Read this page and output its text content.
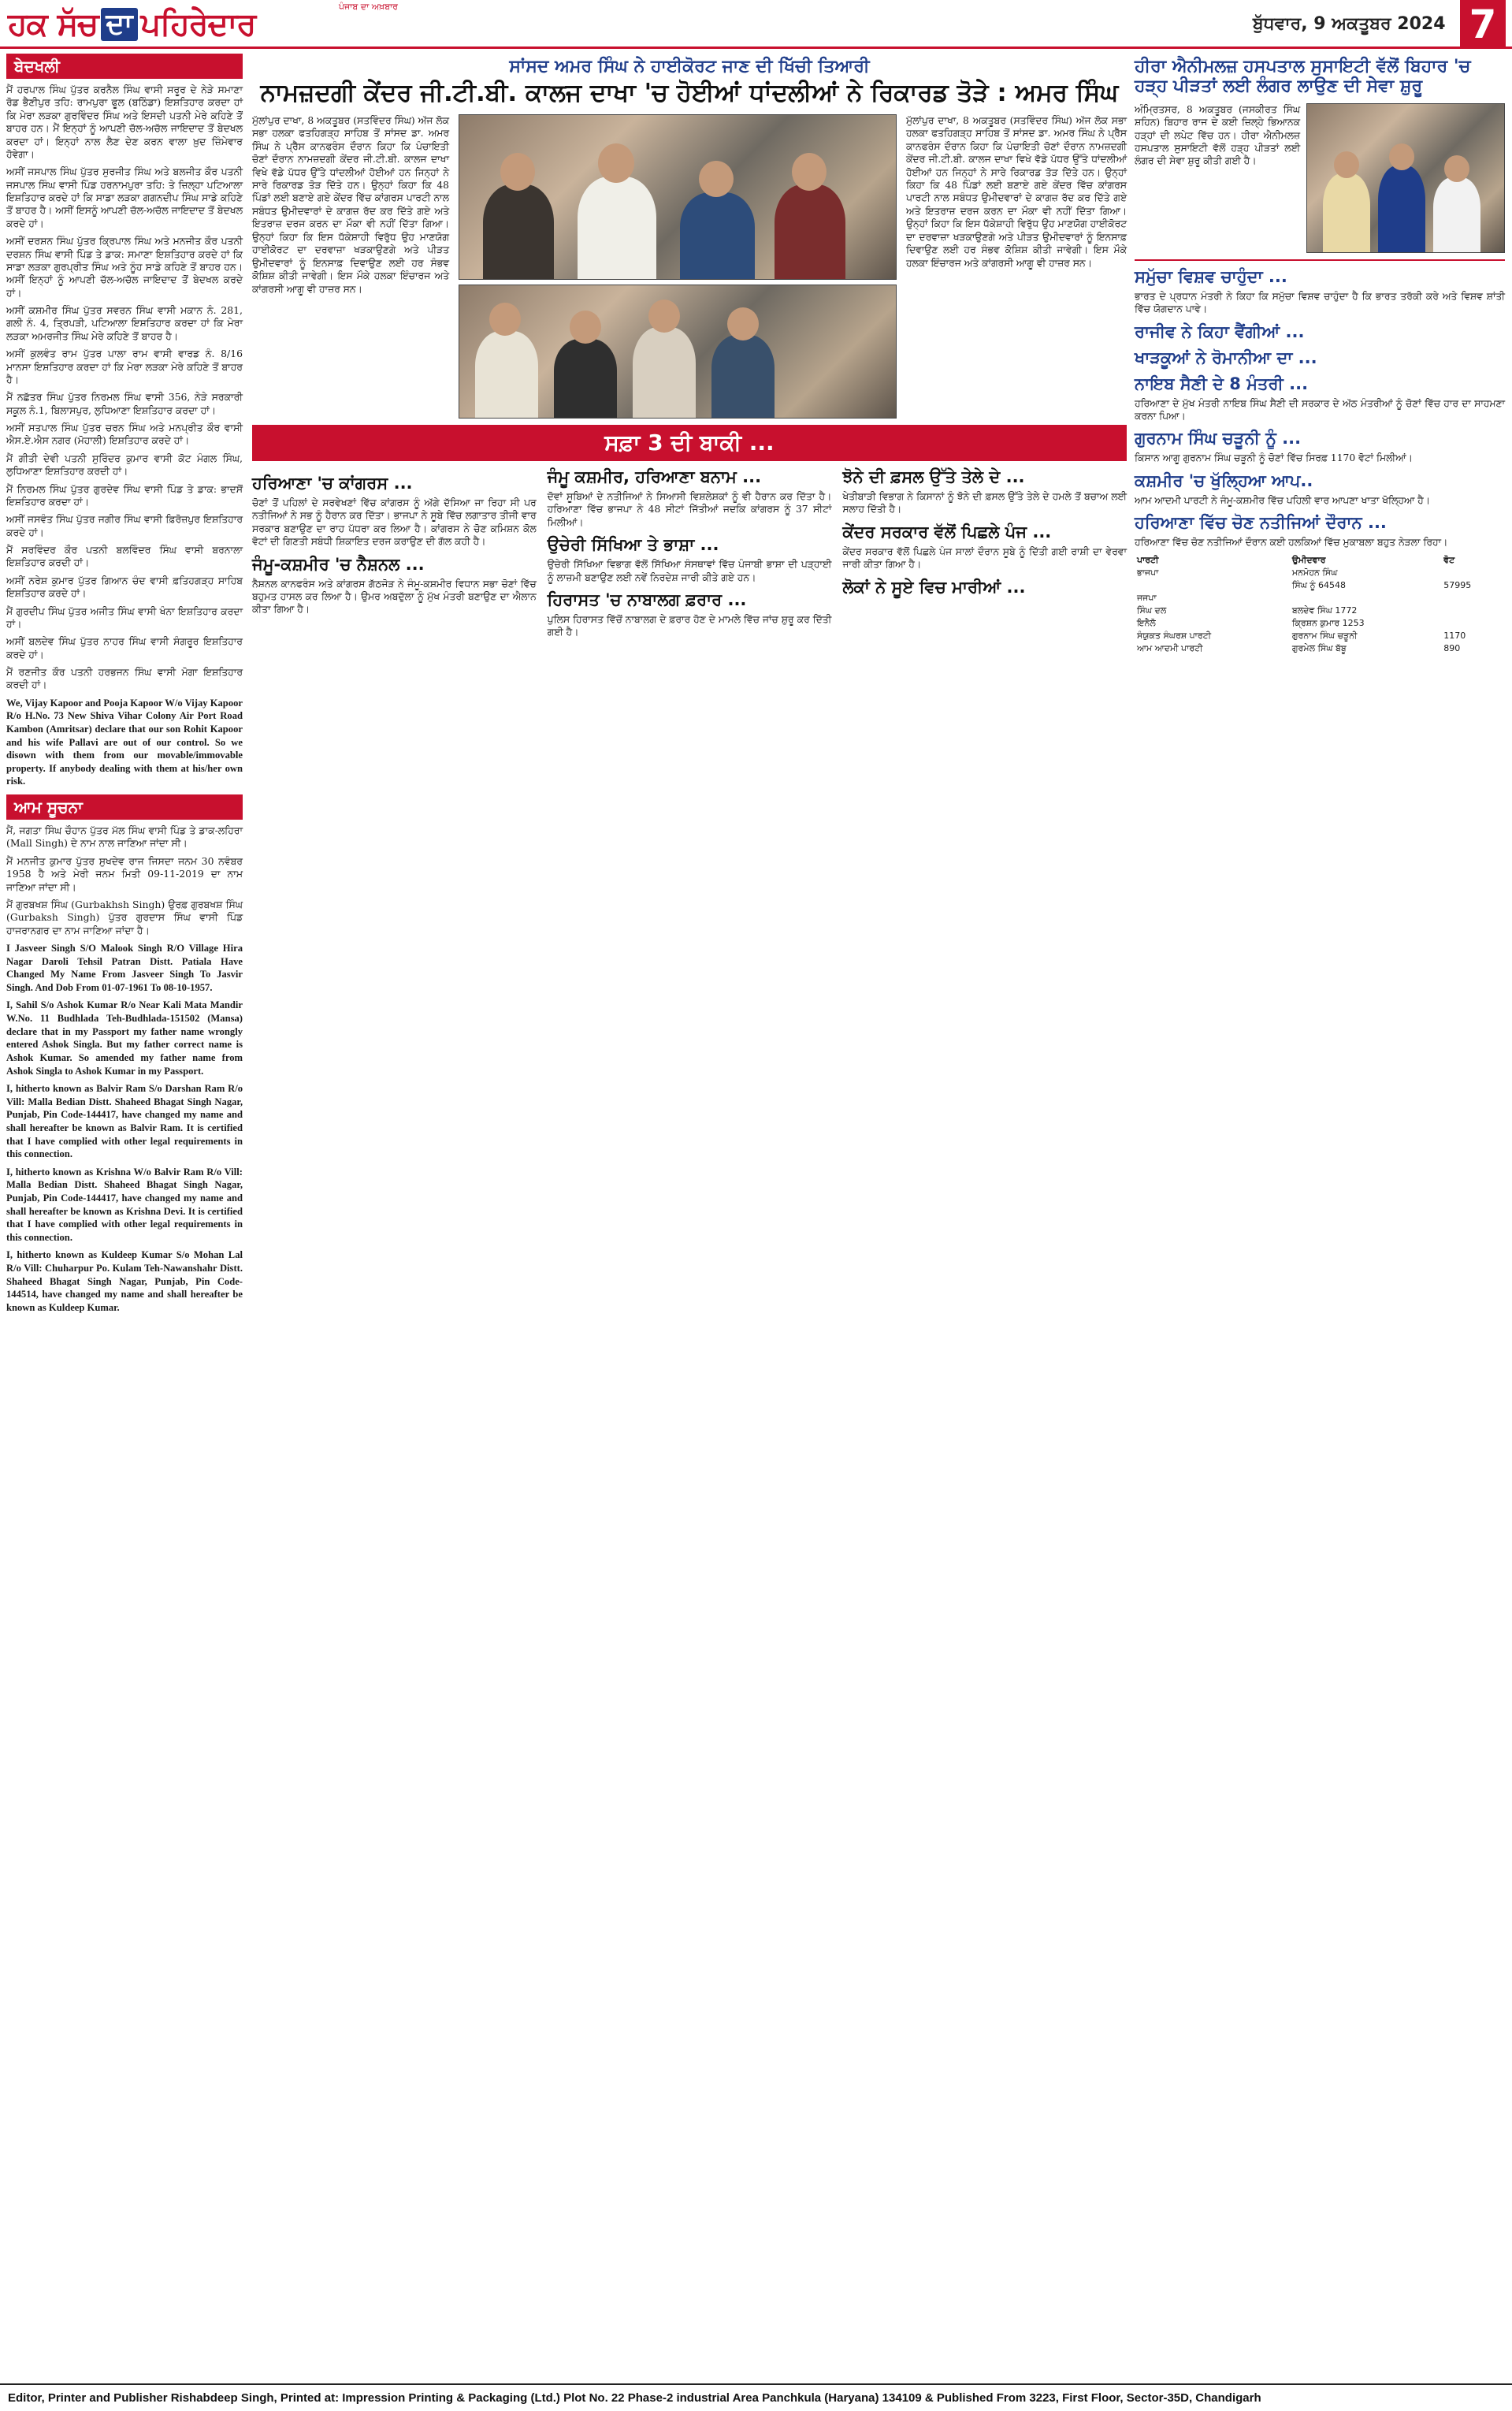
ਹਕ ਸੱਚ ਦਾ ਪਹਿਰੇਦਾਰ	ਪੰਜਾਬ ਦਾ ਅਖ਼ਬਾਰ
ਬੁੱਧਵਾਰ, 9 ਅਕਤੂਬਰ 2024 7
ਬੇਦਖਲੀ
ਮੈਂ ਹਰਪਾਲ ਸਿੰਘ ਪੁੱਤਰ ਕਰਨੈਲ ਸਿੰਘ ਵਾਸੀ ਸਰੂਰ ਦੇ ਨੇੜੇ ਸਮਾਣਾ ਰੋਡ ਭੈਣੀਪੁਰ ਤਹਿ: ਰਾਮਪੁਰਾ ਫੂਲ (ਬਠਿੰਡਾ) ਇਸ਼ਤਿਹਾਰ ਕਰਦਾ ਹਾਂ ਕਿ ਮੇਰਾ ਲੜਕਾ ਗੁਰਵਿੰਦਰ ਸਿੰਘ ਅਤੇ ਇਸਦੀ ਪਤਨੀ ਮੇਰੇ ਕਹਿਣੇ ਤੋਂ ਬਾਹਰ ਹਨ। ਮੈਂ ਇਨ੍ਹਾਂ ਨੂੰ ਆਪਣੀ ਚੱਲ-ਅਚੱਲ ਜਾਇਦਾਦ ਤੋਂ ਬੇਦਖਲ ਕਰਦਾ ਹਾਂ। ਇਨ੍ਹਾਂ ਨਾਲ ਲੈਣ ਦੇਣ ਕਰਨ ਵਾਲਾ ਖ਼ੁਦ ਜ਼ਿੰਮੇਵਾਰ ਹੋਵੇਗਾ।
ਅਸੀਂ ਜਸਪਾਲ ਸਿੰਘ ਪੁੱਤਰ ਸੁਰਜੀਤ ਸਿੰਘ ਅਤੇ ਬਲਜੀਤ ਕੌਰ ਪਤਨੀ ਜਸਪਾਲ ਸਿੰਘ ਵਾਸੀ ਪਿੰਡ ਹਰਨਾਮਪੁਰਾ ਤਹਿ: ਤੇ ਜ਼ਿਲ੍ਹਾ ਪਟਿਆਲਾ ਇਸ਼ਤਿਹਾਰ ਕਰਦੇ ਹਾਂ ਕਿ ਸਾਡਾ ਲੜਕਾ ਗਗਨਦੀਪ ਸਿੰਘ ਸਾਡੇ ਕਹਿਣੇ ਤੋਂ ਬਾਹਰ ਹੈ। ਅਸੀਂ ਇਸਨੂੰ ਆਪਣੀ ਚੱਲ-ਅਚੱਲ ਜਾਇਦਾਦ ਤੋਂ ਬੇਦਖਲ ਕਰਦੇ ਹਾਂ।
ਅਸੀਂ ਦਰਸ਼ਨ ਸਿੰਘ ਪੁੱਤਰ ਕ੍ਰਿਪਾਲ ਸਿੰਘ ਅਤੇ ਮਨਜੀਤ ਕੌਰ ਪਤਨੀ ਦਰਸ਼ਨ ਸਿੰਘ ਵਾਸੀ ਪਿੰਡ ਤੇ ਡਾਕ: ਸਮਾਣਾ ਇਸ਼ਤਿਹਾਰ ਕਰਦੇ ਹਾਂ ਕਿ ਸਾਡਾ ਲੜਕਾ ਗੁਰਪ੍ਰੀਤ ਸਿੰਘ ਅਤੇ ਨੂੰਹ ਸਾਡੇ ਕਹਿਣੇ ਤੋਂ ਬਾਹਰ ਹਨ। ਅਸੀਂ ਇਨ੍ਹਾਂ ਨੂੰ ਆਪਣੀ ਚੱਲ-ਅਚੱਲ ਜਾਇਦਾਦ ਤੋਂ ਬੇਦਖਲ ਕਰਦੇ ਹਾਂ।
ਅਸੀਂ ਕਸ਼ਮੀਰ ਸਿੰਘ ਪੁੱਤਰ ਸਵਰਨ ਸਿੰਘ ਵਾਸੀ ਮਕਾਨ ਨੰ. 281, ਗਲੀ ਨੰ. 4, ਤ੍ਰਿਪੜੀ, ਪਟਿਆਲਾ ਇਸ਼ਤਿਹਾਰ ਕਰਦਾ ਹਾਂ ਕਿ ਮੇਰਾ ਲੜਕਾ ਅਮਰਜੀਤ ਸਿੰਘ ਮੇਰੇ ਕਹਿਣੇ ਤੋਂ ਬਾਹਰ ਹੈ।
ਅਸੀਂ ਕੁਲਵੰਤ ਰਾਮ ਪੁੱਤਰ ਪਾਲਾ ਰਾਮ ਵਾਸੀ ਵਾਰਡ ਨੰ. 8/16 ਮਾਨਸਾ ਇਸ਼ਤਿਹਾਰ ਕਰਦਾ ਹਾਂ ਕਿ ਮੇਰਾ ਲੜਕਾ ਮੇਰੇ ਕਹਿਣੇ ਤੋਂ ਬਾਹਰ ਹੈ।
ਮੈਂ ਨਛੱਤਰ ਸਿੰਘ ਪੁੱਤਰ ਨਿਰਮਲ ਸਿੰਘ ਵਾਸੀ 356, ਨੇੜੇ ਸਰਕਾਰੀ ਸਕੂਲ ਨੰ.1, ਬਿਲਾਸਪੁਰ, ਲੁਧਿਆਣਾ ਇਸ਼ਤਿਹਾਰ ਕਰਦਾ ਹਾਂ।
ਅਸੀਂ ਸਤਪਾਲ ਸਿੰਘ ਪੁੱਤਰ ਚਰਨ ਸਿੰਘ ਅਤੇ ਮਨਪ੍ਰੀਤ ਕੌਰ ਵਾਸੀ ਐਸ.ਏ.ਐਸ ਨਗਰ (ਮੋਹਾਲੀ) ਇਸ਼ਤਿਹਾਰ ਕਰਦੇ ਹਾਂ।
ਮੈਂ ਗੀਤੀ ਦੇਵੀ ਪਤਨੀ ਸੁਰਿੰਦਰ ਕੁਮਾਰ ਵਾਸੀ ਕੋਟ ਮੰਗਲ ਸਿੰਘ, ਲੁਧਿਆਣਾ ਇਸ਼ਤਿਹਾਰ ਕਰਦੀ ਹਾਂ।
ਮੈਂ ਨਿਰਮਲ ਸਿੰਘ ਪੁੱਤਰ ਗੁਰਦੇਵ ਸਿੰਘ ਵਾਸੀ ਪਿੰਡ ਤੇ ਡਾਕ: ਭਾਦਸੋਂ ਇਸ਼ਤਿਹਾਰ ਕਰਦਾ ਹਾਂ।
ਅਸੀਂ ਜਸਵੰਤ ਸਿੰਘ ਪੁੱਤਰ ਜਗੀਰ ਸਿੰਘ ਵਾਸੀ ਫ਼ਿਰੋਜ਼ਪੁਰ ਇਸ਼ਤਿਹਾਰ ਕਰਦੇ ਹਾਂ।
ਮੈਂ ਸਰਵਿੰਦਰ ਕੌਰ ਪਤਨੀ ਬਲਵਿੰਦਰ ਸਿੰਘ ਵਾਸੀ ਬਰਨਾਲਾ ਇਸ਼ਤਿਹਾਰ ਕਰਦੀ ਹਾਂ।
ਅਸੀਂ ਨਰੇਸ਼ ਕੁਮਾਰ ਪੁੱਤਰ ਗਿਆਨ ਚੰਦ ਵਾਸੀ ਫ਼ਤਿਹਗੜ੍ਹ ਸਾਹਿਬ ਇਸ਼ਤਿਹਾਰ ਕਰਦੇ ਹਾਂ।
ਮੈਂ ਗੁਰਦੀਪ ਸਿੰਘ ਪੁੱਤਰ ਅਜੀਤ ਸਿੰਘ ਵਾਸੀ ਖੰਨਾ ਇਸ਼ਤਿਹਾਰ ਕਰਦਾ ਹਾਂ।
ਅਸੀਂ ਬਲਦੇਵ ਸਿੰਘ ਪੁੱਤਰ ਨਾਹਰ ਸਿੰਘ ਵਾਸੀ ਸੰਗਰੂਰ ਇਸ਼ਤਿਹਾਰ ਕਰਦੇ ਹਾਂ।
ਮੈਂ ਰਣਜੀਤ ਕੌਰ ਪਤਨੀ ਹਰਭਜਨ ਸਿੰਘ ਵਾਸੀ ਮੋਗਾ ਇਸ਼ਤਿਹਾਰ ਕਰਦੀ ਹਾਂ।
We, Vijay Kapoor and Pooja Kapoor W/o Vijay Kapoor R/o H.No. 73 New Shiva Vihar Colony Air Port Road Kambon (Amritsar) declare that our son Rohit Kapoor and his wife Pallavi are out of our control. So we disown with them from our movable/immovable property. If anybody dealing with them at his/her own risk.
ਆਮ ਸੂਚਨਾ
ਮੈਂ, ਜਗਤਾ ਸਿੰਘ ਚੌਹਾਨ ਪੁੱਤਰ ਮੱਲ ਸਿੰਘ ਵਾਸੀ ਪਿੰਡ ਤੇ ਡਾਕ-ਲਹਿਰਾ (Mall Singh) ਦੇ ਨਾਮ ਨਾਲ ਜਾਣਿਆ ਜਾਂਦਾ ਸੀ।
ਮੈਂ ਮਨਜੀਤ ਕੁਮਾਰ ਪੁੱਤਰ ਸੁਖਦੇਵ ਰਾਜ ਜਿਸਦਾ ਜਨਮ 30 ਨਵੰਬਰ 1958 ਹੈ ਅਤੇ ਮੇਰੀ ਜਨਮ ਮਿਤੀ 09-11-2019 ਦਾ ਨਾਮ ਜਾਣਿਆ ਜਾਂਦਾ ਸੀ।
ਮੈਂ ਗੁਰਬਖਸ਼ ਸਿੰਘ (Gurbakhsh Singh) ਉਰਫ਼ ਗੁਰਬਖਸ਼ ਸਿੰਘ (Gurbaksh Singh) ਪੁੱਤਰ ਗੁਰਦਾਸ ਸਿੰਘ ਵਾਸੀ ਪਿੰਡ ਹਾਜਰਾਨਗਰ ਦਾ ਨਾਮ ਜਾਣਿਆ ਜਾਂਦਾ ਹੈ।
I Jasveer Singh S/O Malook Singh R/O Village Hira Nagar Daroli Tehsil Patran Distt. Patiala Have Changed My Name From Jasveer Singh To Jasvir Singh. And Dob From 01-07-1961 To 08-10-1957.
I, Sahil S/o Ashok Kumar R/o Near Kali Mata Mandir W.No. 11 Budhlada Teh-Budhlada-151502 (Mansa) declare that in my Passport my father name wrongly entered Ashok Singla. But my father correct name is Ashok Kumar. So amended my father name from Ashok Singla to Ashok Kumar in my Passport.
I, hitherto known as Balvir Ram S/o Darshan Ram R/o Vill: Malla Bedian Distt. Shaheed Bhagat Singh Nagar, Punjab, Pin Code-144417, have changed my name and shall hereafter be known as Balvir Ram. It is certified that I have complied with other legal requirements in this connection.
I, hitherto known as Krishna W/o Balvir Ram R/o Vill: Malla Bedian Distt. Shaheed Bhagat Singh Nagar, Punjab, Pin Code-144417, have changed my name and shall hereafter be known as Krishna Devi. It is certified that I have complied with other legal requirements in this connection.
I, hitherto known as Kuldeep Kumar S/o Mohan Lal R/o Vill: Chuharpur Po. Kulam Teh-Nawanshahr Distt. Shaheed Bhagat Singh Nagar, Punjab, Pin Code-144514, have changed my name and shall hereafter be known as Kuldeep Kumar.
ਸਾਂਸਦ ਅਮਰ ਸਿੰਘ ਨੇ ਹਾਈਕੋਰਟ ਜਾਣ ਦੀ ਖਿੱਚੀ ਤਿਆਰੀ
ਨਾਮਜ਼ਦਗੀ ਕੇਂਦਰ ਜੀ.ਟੀ.ਬੀ. ਕਾਲਜ ਦਾਖਾ 'ਚ ਹੋਈਆਂ ਧਾਂਦਲੀਆਂ ਨੇ ਰਿਕਾਰਡ ਤੋੜੇ : ਅਮਰ ਸਿੰਘ
ਮੁੱਲਾਂਪੁਰ ਦਾਖਾ, 8 ਅਕਤੂਬਰ (ਸਤਵਿੰਦਰ ਸਿੰਘ) ਅੱਜ ਲੋਕ ਸਭਾ ਹਲਕਾ ਫਤਹਿਗੜ੍ਹ ਸਾਹਿਬ ਤੋਂ ਸਾਂਸਦ ਡਾ. ਅਮਰ ਸਿੰਘ ਨੇ ਪ੍ਰੈੱਸ ਕਾਨਫਰੰਸ ਦੌਰਾਨ ਕਿਹਾ ਕਿ ਪੰਚਾਇਤੀ ਚੋਣਾਂ ਦੌਰਾਨ ਨਾਮਜ਼ਦਗੀ ਕੇਂਦਰ ਜੀ.ਟੀ.ਬੀ. ਕਾਲਜ ਦਾਖਾ ਵਿਖੇ ਵੱਡੇ ਪੱਧਰ ਉੱਤੇ ਧਾਂਦਲੀਆਂ ਹੋਈਆਂ ਹਨ ਜਿਨ੍ਹਾਂ ਨੇ ਸਾਰੇ ਰਿਕਾਰਡ ਤੋੜ ਦਿੱਤੇ ਹਨ। ਉਨ੍ਹਾਂ ਕਿਹਾ ਕਿ 48 ਪਿੰਡਾਂ ਲਈ ਬਣਾਏ ਗਏ ਕੇਂਦਰ ਵਿੱਚ ਕਾਂਗਰਸ ਪਾਰਟੀ ਨਾਲ ਸਬੰਧਤ ਉਮੀਦਵਾਰਾਂ ਦੇ ਕਾਗਜ਼ ਰੱਦ ਕਰ ਦਿੱਤੇ ਗਏ ਅਤੇ ਇਤਰਾਜ਼ ਦਰਜ ਕਰਨ ਦਾ ਮੌਕਾ ਵੀ ਨਹੀਂ ਦਿੱਤਾ ਗਿਆ। ਉਨ੍ਹਾਂ ਕਿਹਾ ਕਿ ਇਸ ਧੱਕੇਸ਼ਾਹੀ ਵਿਰੁੱਧ ਉਹ ਮਾਣਯੋਗ ਹਾਈਕੋਰਟ ਦਾ ਦਰਵਾਜ਼ਾ ਖੜਕਾਉਣਗੇ ਅਤੇ ਪੀੜਤ ਉਮੀਦਵਾਰਾਂ ਨੂੰ ਇਨਸਾਫ਼ ਦਿਵਾਉਣ ਲਈ ਹਰ ਸੰਭਵ ਕੋਸ਼ਿਸ਼ ਕੀਤੀ ਜਾਵੇਗੀ। ਇਸ ਮੌਕੇ ਹਲਕਾ ਇੰਚਾਰਜ ਅਤੇ ਕਾਂਗਰਸੀ ਆਗੂ ਵੀ ਹਾਜ਼ਰ ਸਨ।
ਮੁੱਲਾਂਪੁਰ ਦਾਖਾ, 8 ਅਕਤੂਬਰ (ਸਤਵਿੰਦਰ ਸਿੰਘ) ਅੱਜ ਲੋਕ ਸਭਾ ਹਲਕਾ ਫਤਹਿਗੜ੍ਹ ਸਾਹਿਬ ਤੋਂ ਸਾਂਸਦ ਡਾ. ਅਮਰ ਸਿੰਘ ਨੇ ਪ੍ਰੈੱਸ ਕਾਨਫਰੰਸ ਦੌਰਾਨ ਕਿਹਾ ਕਿ ਪੰਚਾਇਤੀ ਚੋਣਾਂ ਦੌਰਾਨ ਨਾਮਜ਼ਦਗੀ ਕੇਂਦਰ ਜੀ.ਟੀ.ਬੀ. ਕਾਲਜ ਦਾਖਾ ਵਿਖੇ ਵੱਡੇ ਪੱਧਰ ਉੱਤੇ ਧਾਂਦਲੀਆਂ ਹੋਈਆਂ ਹਨ ਜਿਨ੍ਹਾਂ ਨੇ ਸਾਰੇ ਰਿਕਾਰਡ ਤੋੜ ਦਿੱਤੇ ਹਨ। ਉਨ੍ਹਾਂ ਕਿਹਾ ਕਿ 48 ਪਿੰਡਾਂ ਲਈ ਬਣਾਏ ਗਏ ਕੇਂਦਰ ਵਿੱਚ ਕਾਂਗਰਸ ਪਾਰਟੀ ਨਾਲ ਸਬੰਧਤ ਉਮੀਦਵਾਰਾਂ ਦੇ ਕਾਗਜ਼ ਰੱਦ ਕਰ ਦਿੱਤੇ ਗਏ ਅਤੇ ਇਤਰਾਜ਼ ਦਰਜ ਕਰਨ ਦਾ ਮੌਕਾ ਵੀ ਨਹੀਂ ਦਿੱਤਾ ਗਿਆ। ਉਨ੍ਹਾਂ ਕਿਹਾ ਕਿ ਇਸ ਧੱਕੇਸ਼ਾਹੀ ਵਿਰੁੱਧ ਉਹ ਮਾਣਯੋਗ ਹਾਈਕੋਰਟ ਦਾ ਦਰਵਾਜ਼ਾ ਖੜਕਾਉਣਗੇ ਅਤੇ ਪੀੜਤ ਉਮੀਦਵਾਰਾਂ ਨੂੰ ਇਨਸਾਫ਼ ਦਿਵਾਉਣ ਲਈ ਹਰ ਸੰਭਵ ਕੋਸ਼ਿਸ਼ ਕੀਤੀ ਜਾਵੇਗੀ। ਇਸ ਮੌਕੇ ਹਲਕਾ ਇੰਚਾਰਜ ਅਤੇ ਕਾਂਗਰਸੀ ਆਗੂ ਵੀ ਹਾਜ਼ਰ ਸਨ।
ਸਫ਼ਾ 3 ਦੀ ਬਾਕੀ ...
ਹਰਿਆਣਾ 'ਚ ਕਾਂਗਰਸ ...
ਚੋਣਾਂ ਤੋਂ ਪਹਿਲਾਂ ਦੇ ਸਰਵੇਖਣਾਂ ਵਿੱਚ ਕਾਂਗਰਸ ਨੂੰ ਅੱਗੇ ਦੱਸਿਆ ਜਾ ਰਿਹਾ ਸੀ ਪਰ ਨਤੀਜਿਆਂ ਨੇ ਸਭ ਨੂੰ ਹੈਰਾਨ ਕਰ ਦਿੱਤਾ। ਭਾਜਪਾ ਨੇ ਸੂਬੇ ਵਿੱਚ ਲਗਾਤਾਰ ਤੀਜੀ ਵਾਰ ਸਰਕਾਰ ਬਣਾਉਣ ਦਾ ਰਾਹ ਪੱਧਰਾ ਕਰ ਲਿਆ ਹੈ। ਕਾਂਗਰਸ ਨੇ ਚੋਣ ਕਮਿਸ਼ਨ ਕੋਲ ਵੋਟਾਂ ਦੀ ਗਿਣਤੀ ਸਬੰਧੀ ਸ਼ਿਕਾਇਤ ਦਰਜ ਕਰਾਉਣ ਦੀ ਗੱਲ ਕਹੀ ਹੈ।
ਜੰਮੂ-ਕਸ਼ਮੀਰ 'ਚ ਨੈਸ਼ਨਲ ...
ਨੈਸ਼ਨਲ ਕਾਨਫਰੰਸ ਅਤੇ ਕਾਂਗਰਸ ਗੱਠਜੋੜ ਨੇ ਜੰਮੂ-ਕਸ਼ਮੀਰ ਵਿਧਾਨ ਸਭਾ ਚੋਣਾਂ ਵਿੱਚ ਬਹੁਮਤ ਹਾਸਲ ਕਰ ਲਿਆ ਹੈ। ਉਮਰ ਅਬਦੁੱਲਾ ਨੂੰ ਮੁੱਖ ਮੰਤਰੀ ਬਣਾਉਣ ਦਾ ਐਲਾਨ ਕੀਤਾ ਗਿਆ ਹੈ।
ਜੰਮੂ ਕਸ਼ਮੀਰ, ਹਰਿਆਣਾ ਬਨਾਮ ...
ਦੋਵਾਂ ਸੂਬਿਆਂ ਦੇ ਨਤੀਜਿਆਂ ਨੇ ਸਿਆਸੀ ਵਿਸ਼ਲੇਸ਼ਕਾਂ ਨੂੰ ਵੀ ਹੈਰਾਨ ਕਰ ਦਿੱਤਾ ਹੈ। ਹਰਿਆਣਾ ਵਿੱਚ ਭਾਜਪਾ ਨੇ 48 ਸੀਟਾਂ ਜਿੱਤੀਆਂ ਜਦਕਿ ਕਾਂਗਰਸ ਨੂੰ 37 ਸੀਟਾਂ ਮਿਲੀਆਂ।
ਉਚੇਰੀ ਸਿੱਖਿਆ ਤੇ ਭਾਸ਼ਾ ...
ਉਚੇਰੀ ਸਿੱਖਿਆ ਵਿਭਾਗ ਵੱਲੋਂ ਸਿੱਖਿਆ ਸੰਸਥਾਵਾਂ ਵਿੱਚ ਪੰਜਾਬੀ ਭਾਸ਼ਾ ਦੀ ਪੜ੍ਹਾਈ ਨੂੰ ਲਾਜ਼ਮੀ ਬਣਾਉਣ ਲਈ ਨਵੇਂ ਨਿਰਦੇਸ਼ ਜਾਰੀ ਕੀਤੇ ਗਏ ਹਨ।
ਹਿਰਾਸਤ 'ਚ ਨਾਬਾਲਗ ਫ਼ਰਾਰ ...
ਪੁਲਿਸ ਹਿਰਾਸਤ ਵਿੱਚੋਂ ਨਾਬਾਲਗ ਦੇ ਫ਼ਰਾਰ ਹੋਣ ਦੇ ਮਾਮਲੇ ਵਿੱਚ ਜਾਂਚ ਸ਼ੁਰੂ ਕਰ ਦਿੱਤੀ ਗਈ ਹੈ।
ਝੋਨੇ ਦੀ ਫ਼ਸਲ ਉੱਤੇ ਤੇਲੇ ਦੇ ...
ਖੇਤੀਬਾੜੀ ਵਿਭਾਗ ਨੇ ਕਿਸਾਨਾਂ ਨੂੰ ਝੋਨੇ ਦੀ ਫ਼ਸਲ ਉੱਤੇ ਤੇਲੇ ਦੇ ਹਮਲੇ ਤੋਂ ਬਚਾਅ ਲਈ ਸਲਾਹ ਦਿੱਤੀ ਹੈ।
ਕੇਂਦਰ ਸਰਕਾਰ ਵੱਲੋਂ ਪਿਛਲੇ ਪੰਜ ...
ਕੇਂਦਰ ਸਰਕਾਰ ਵੱਲੋਂ ਪਿਛਲੇ ਪੰਜ ਸਾਲਾਂ ਦੌਰਾਨ ਸੂਬੇ ਨੂੰ ਦਿੱਤੀ ਗਈ ਰਾਸ਼ੀ ਦਾ ਵੇਰਵਾ ਜਾਰੀ ਕੀਤਾ ਗਿਆ ਹੈ।
ਲੋਕਾਂ ਨੇ ਸੂਏ ਵਿਚ ਮਾਰੀਆਂ ...
ਹੀਰਾ ਐਨੀਮਲਜ਼ ਹਸਪਤਾਲ ਸੁਸਾਇਟੀ ਵੱਲੋਂ ਬਿਹਾਰ 'ਚ ਹੜ੍ਹ ਪੀੜਤਾਂ ਲਈ ਲੰਗਰ ਲਾਉਣ ਦੀ ਸੇਵਾ ਸ਼ੁਰੂ
ਅੰਮ੍ਰਿਤਸਰ, 8 ਅਕਤੂਬਰ (ਜਸਕੀਰਤ ਸਿੰਘ ਸ਼ਹਿਨ) ਬਿਹਾਰ ਰਾਜ ਦੇ ਕਈ ਜ਼ਿਲ੍ਹੇ ਭਿਆਨਕ ਹੜ੍ਹਾਂ ਦੀ ਲਪੇਟ ਵਿੱਚ ਹਨ। ਹੀਰਾ ਐਨੀਮਲਜ਼ ਹਸਪਤਾਲ ਸੁਸਾਇਟੀ ਵੱਲੋਂ ਹੜ੍ਹ ਪੀੜਤਾਂ ਲਈ ਲੰਗਰ ਦੀ ਸੇਵਾ ਸ਼ੁਰੂ ਕੀਤੀ ਗਈ ਹੈ।
ਸਮੁੱਚਾ ਵਿਸ਼ਵ ਚਾਹੁੰਦਾ ...
ਭਾਰਤ ਦੇ ਪ੍ਰਧਾਨ ਮੰਤਰੀ ਨੇ ਕਿਹਾ ਕਿ ਸਮੁੱਚਾ ਵਿਸ਼ਵ ਚਾਹੁੰਦਾ ਹੈ ਕਿ ਭਾਰਤ ਤਰੱਕੀ ਕਰੇ ਅਤੇ ਵਿਸ਼ਵ ਸ਼ਾਂਤੀ ਵਿੱਚ ਯੋਗਦਾਨ ਪਾਵੇ।
ਰਾਜੀਵ ਨੇ ਕਿਹਾ ਵੈਂਗੀਆਂ ...
ਖਾੜਕੂਆਂ ਨੇ ਰੋਮਾਨੀਆ ਦਾ ...
ਨਾਇਬ ਸੈਣੀ ਦੇ 8 ਮੰਤਰੀ ...
ਹਰਿਆਣਾ ਦੇ ਮੁੱਖ ਮੰਤਰੀ ਨਾਇਬ ਸਿੰਘ ਸੈਣੀ ਦੀ ਸਰਕਾਰ ਦੇ ਅੱਠ ਮੰਤਰੀਆਂ ਨੂੰ ਚੋਣਾਂ ਵਿੱਚ ਹਾਰ ਦਾ ਸਾਹਮਣਾ ਕਰਨਾ ਪਿਆ।
ਗੁਰਨਾਮ ਸਿੰਘ ਚੜੂਨੀ ਨੂੰ ...
ਕਿਸਾਨ ਆਗੂ ਗੁਰਨਾਮ ਸਿੰਘ ਚੜੂਨੀ ਨੂੰ ਚੋਣਾਂ ਵਿੱਚ ਸਿਰਫ਼ 1170 ਵੋਟਾਂ ਮਿਲੀਆਂ।
ਕਸ਼ਮੀਰ 'ਚ ਖੁੱਲ੍ਹਿਆ ਆਪ..
ਆਮ ਆਦਮੀ ਪਾਰਟੀ ਨੇ ਜੰਮੂ-ਕਸ਼ਮੀਰ ਵਿੱਚ ਪਹਿਲੀ ਵਾਰ ਆਪਣਾ ਖਾਤਾ ਖੋਲ੍ਹਿਆ ਹੈ।
ਹਰਿਆਣਾ ਵਿੱਚ ਚੋਣ ਨਤੀਜਿਆਂ ਦੌਰਾਨ ...
ਹਰਿਆਣਾ ਵਿੱਚ ਚੋਣ ਨਤੀਜਿਆਂ ਦੌਰਾਨ ਕਈ ਹਲਕਿਆਂ ਵਿੱਚ ਮੁਕਾਬਲਾ ਬਹੁਤ ਨੇੜਲਾ ਰਿਹਾ।
ਪਾਰਟੀ	ਉਮੀਦਵਾਰ	ਵੋਟ
ਭਾਜਪਾ	ਮਨਮੋਹਨ ਸਿੰਘ	
	ਸਿੰਘ ਨੂੰ 64548	57995
ਜਜਪਾ		
ਸਿੰਘ ਦਲ	ਬਲਦੇਵ ਸਿੰਘ 1772	
ਇਨੈਲੋ	ਕ੍ਰਿਸ਼ਨ ਕੁਮਾਰ 1253	
ਸੰਯੁਕਤ ਸੰਘਰਸ਼ ਪਾਰਟੀ	ਗੁਰਨਾਮ ਸਿੰਘ ਚੜੂਨੀ	1170
ਆਮ ਆਦਮੀ ਪਾਰਟੀ	ਗੁਰਮੇਲ ਸਿੰਘ ਬੱਬੂ	890
Editor, Printer and Publisher Rishabdeep Singh, Printed at: Impression Printing & Packaging (Ltd.) Plot No. 22 Phase-2 industrial Area Panchkula (Haryana) 134109 & Published From 3223, First Floor, Sector-35D, Chandigarh
